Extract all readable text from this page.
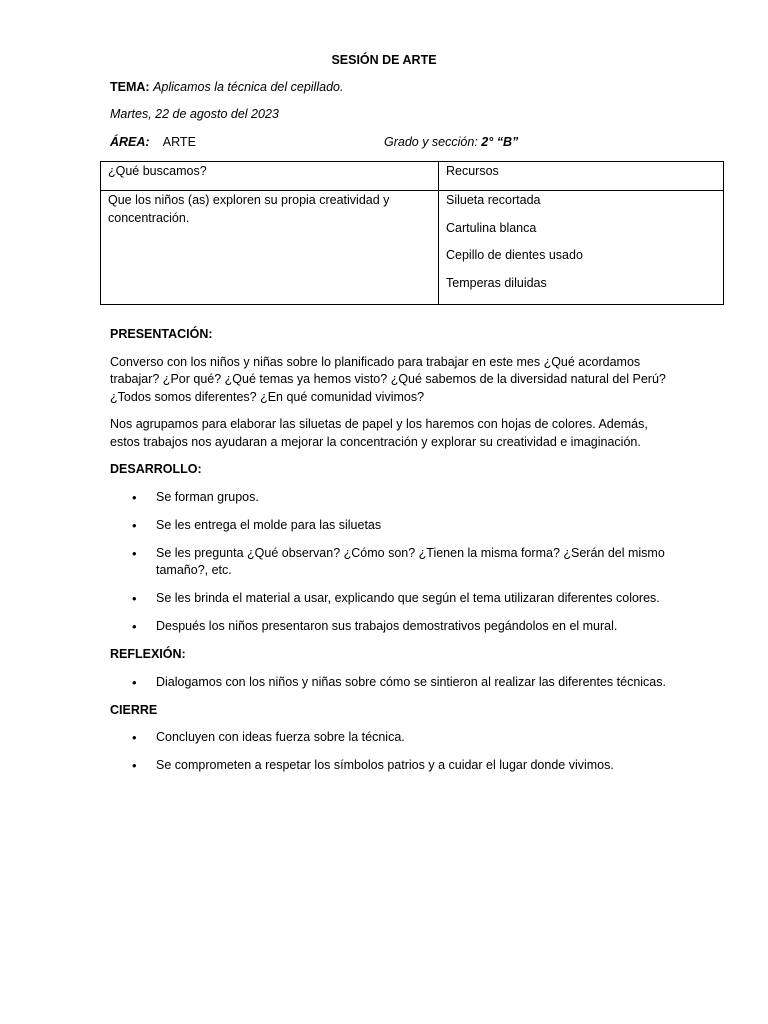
SESIÓN DE ARTE
TEMA: Aplicamos la técnica del cepillado.
Martes, 22 de agosto del 2023
ÁREA: ARTE	Grado y sección: 2° “B”
¿Qué buscamos?	Recursos
Que los niños (as) exploren su propia creatividad y concentración.	Silueta recortada
Cartulina blanca
Cepillo de dientes usado
Temperas diluidas
PRESENTACIÓN:
Converso con los niños y niñas sobre lo planificado para trabajar en este mes ¿Qué acordamos trabajar? ¿Por qué? ¿Qué temas ya hemos visto? ¿Qué sabemos de la diversidad natural del Perú? ¿Todos somos diferentes? ¿En qué comunidad vivimos?
Nos agrupamos para elaborar las siluetas de papel y los haremos con hojas de colores. Además, estos trabajos nos ayudaran a mejorar la concentración y explorar su creatividad e imaginación.
DESARROLLO:
• Se forman grupos.
• Se les entrega el molde para las siluetas
• Se les pregunta ¿Qué observan? ¿Cómo son? ¿Tienen la misma forma? ¿Serán del mismo tamaño?, etc.
• Se les brinda el material a usar, explicando que según el tema utilizaran diferentes colores.
• Después los niños presentaron sus trabajos demostrativos pegándolos en el mural.
REFLEXIÓN:
• Dialogamos con los niños y niñas sobre cómo se sintieron al realizar las diferentes técnicas.
CIERRE
• Concluyen con ideas fuerza sobre la técnica.
• Se comprometen a respetar los símbolos patrios y a cuidar el lugar donde vivimos.
